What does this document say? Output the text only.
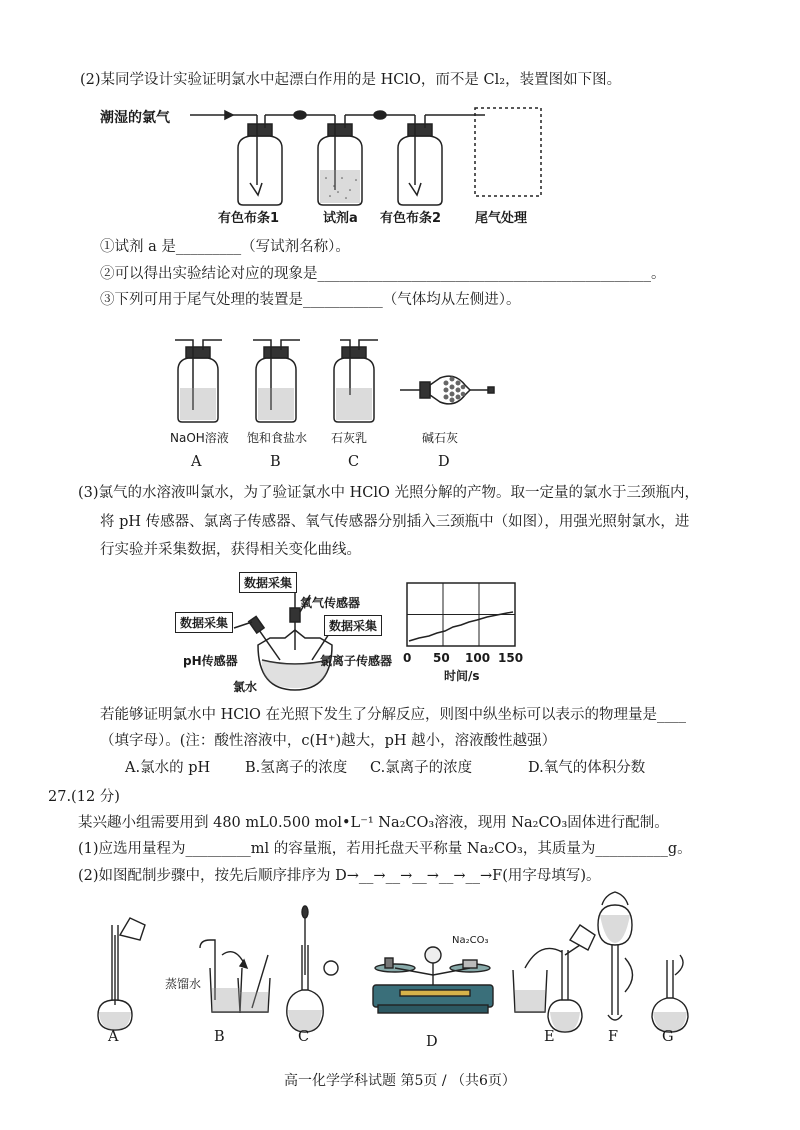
(2)某同学设计实验证明氯水中起漂白作用的是 HClO，而不是 Cl₂，装置图如下图。
潮湿的氯气
有色布条1	试剂a 有色布条2	尾气处理
①试剂 a 是_________（写试剂名称）。
②可以得出实验结论对应的现象是______________________________________________。
③下列可用于尾气处理的装置是___________（气体均从左侧进）。
NaOH溶液 饱和食盐水 石灰乳	碱石灰
A	B	C	D
(3)氯气的水溶液叫氯水，为了验证氯水中 HClO 光照分解的产物。取一定量的氯水于三颈瓶内，
将 pH 传感器、氯离子传感器、氧气传感器分别插入三颈瓶中（如图），用强光照射氯水，进
行实验并采集数据，获得相关变化曲线。
数据采集
氧气传感器
数据采集	数据采集
pH传感器	氯离子传感器
氯水
0 50 100 150
时间/s
若能够证明氯水中 HClO 在光照下发生了分解反应，则图中纵坐标可以表示的物理量是____
（填字母）。(注：酸性溶液中，c(H⁺)越大，pH 越小，溶液酸性越强）
A.氯水的 pH B.氢离子的浓度 C.氯离子的浓度	D.氧气的体积分数
27.(12 分)
某兴趣小组需要用到 480 mL0.500 mol•L⁻¹ Na₂CO₃溶液，现用 Na₂CO₃固体进行配制。
(1)应选用量程为_________ml 的容量瓶，若用托盘天平称量 Na₂CO₃，其质量为__________g。
(2)如图配制步骤中，按先后顺序排序为 D→__→__→__→__→__→F(用字母填写)。
蒸馏水
Na₂CO₃
A	B	C	D	E	F	G
高一化学学科试题 第5页 / （共6页）
